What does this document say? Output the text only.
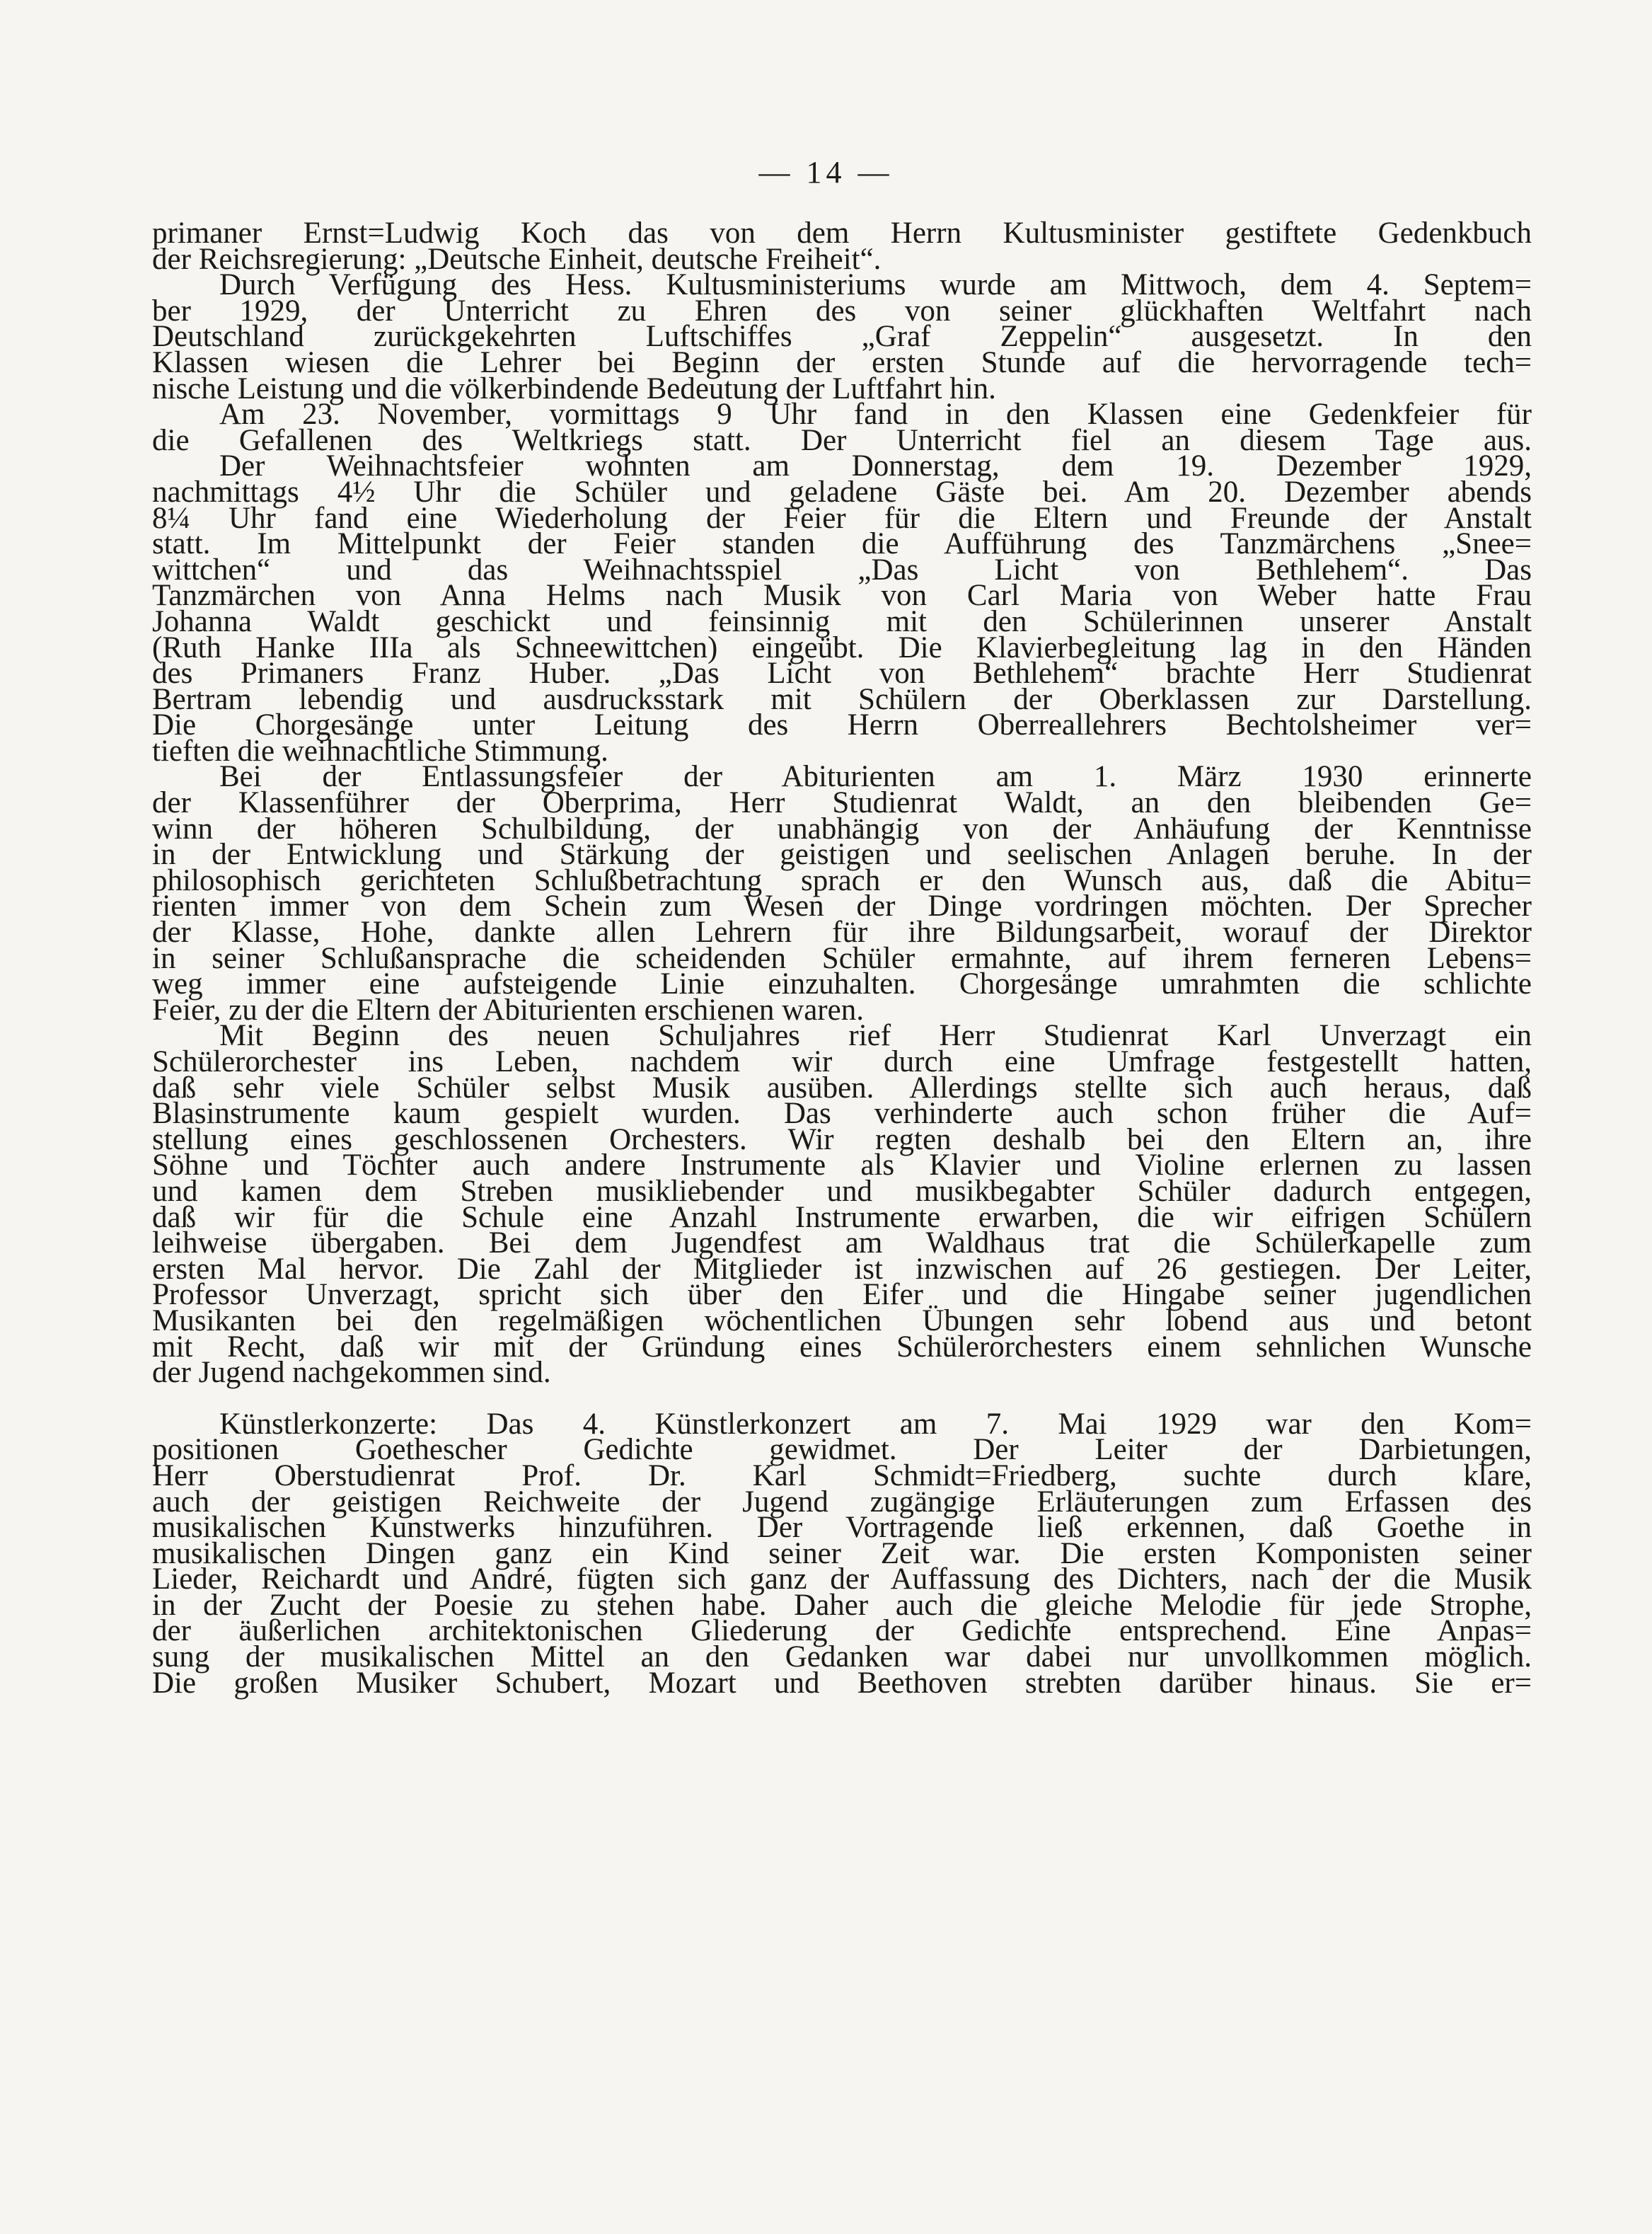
— 14 —
primaner Ernst=Ludwig Koch das von dem Herrn Kultusminister gestiftete Gedenkbuch
der Reichsregierung: „Deutsche Einheit, deutsche Freiheit“.
Durch Verfügung des Hess. Kultusministeriums wurde am Mittwoch, dem 4. Septem=
ber 1929, der Unterricht zu Ehren des von seiner glückhaften Weltfahrt nach
Deutschland zurückgekehrten Luftschiffes „Graf Zeppelin“ ausgesetzt. In den
Klassen wiesen die Lehrer bei Beginn der ersten Stunde auf die hervorragende tech=
nische Leistung und die völkerbindende Bedeutung der Luftfahrt hin.
Am 23. November, vormittags 9 Uhr fand in den Klassen eine Gedenkfeier für
die Gefallenen des Weltkriegs statt. Der Unterricht fiel an diesem Tage aus.
Der Weihnachtsfeier wohnten am Donnerstag, dem 19. Dezember 1929,
nachmittags 4½ Uhr die Schüler und geladene Gäste bei. Am 20. Dezember abends
8¼ Uhr fand eine Wiederholung der Feier für die Eltern und Freunde der Anstalt
statt. Im Mittelpunkt der Feier standen die Aufführung des Tanzmärchens „Snee=
wittchen“ und das Weihnachtsspiel „Das Licht von Bethlehem“. Das
Tanzmärchen von Anna Helms nach Musik von Carl Maria von Weber hatte Frau
Johanna Waldt geschickt und feinsinnig mit den Schülerinnen unserer Anstalt
(Ruth Hanke IIIa als Schneewittchen) eingeübt. Die Klavierbegleitung lag in den Händen
des Primaners Franz Huber. „Das Licht von Bethlehem“ brachte Herr Studienrat
Bertram lebendig und ausdrucksstark mit Schülern der Oberklassen zur Darstellung.
Die Chorgesänge unter Leitung des Herrn Oberreallehrers Bechtolsheimer ver=
tieften die weihnachtliche Stimmung.
Bei der Entlassungsfeier der Abiturienten am 1. März 1930 erinnerte
der Klassenführer der Oberprima, Herr Studienrat Waldt, an den bleibenden Ge=
winn der höheren Schulbildung, der unabhängig von der Anhäufung der Kenntnisse
in der Entwicklung und Stärkung der geistigen und seelischen Anlagen beruhe. In der
philosophisch gerichteten Schlußbetrachtung sprach er den Wunsch aus, daß die Abitu=
rienten immer von dem Schein zum Wesen der Dinge vordringen möchten. Der Sprecher
der Klasse, Hohe, dankte allen Lehrern für ihre Bildungsarbeit, worauf der Direktor
in seiner Schlußansprache die scheidenden Schüler ermahnte, auf ihrem ferneren Lebens=
weg immer eine aufsteigende Linie einzuhalten. Chorgesänge umrahmten die schlichte
Feier, zu der die Eltern der Abiturienten erschienen waren.
Mit Beginn des neuen Schuljahres rief Herr Studienrat Karl Unverzagt ein
Schülerorchester ins Leben, nachdem wir durch eine Umfrage festgestellt hatten,
daß sehr viele Schüler selbst Musik ausüben. Allerdings stellte sich auch heraus, daß
Blasinstrumente kaum gespielt wurden. Das verhinderte auch schon früher die Auf=
stellung eines geschlossenen Orchesters. Wir regten deshalb bei den Eltern an, ihre
Söhne und Töchter auch andere Instrumente als Klavier und Violine erlernen zu lassen
und kamen dem Streben musikliebender und musikbegabter Schüler dadurch entgegen,
daß wir für die Schule eine Anzahl Instrumente erwarben, die wir eifrigen Schülern
leihweise übergaben. Bei dem Jugendfest am Waldhaus trat die Schülerkapelle zum
ersten Mal hervor. Die Zahl der Mitglieder ist inzwischen auf 26 gestiegen. Der Leiter,
Professor Unverzagt, spricht sich über den Eifer und die Hingabe seiner jugendlichen
Musikanten bei den regelmäßigen wöchentlichen Übungen sehr lobend aus und betont
mit Recht, daß wir mit der Gründung eines Schülerorchesters einem sehnlichen Wunsche
der Jugend nachgekommen sind.
Künstlerkonzerte: Das 4. Künstlerkonzert am 7. Mai 1929 war den Kom=
positionen Goethescher Gedichte gewidmet. Der Leiter der Darbietungen,
Herr Oberstudienrat Prof. Dr. Karl Schmidt=Friedberg, suchte durch klare,
auch der geistigen Reichweite der Jugend zugängige Erläuterungen zum Erfassen des
musikalischen Kunstwerks hinzuführen. Der Vortragende ließ erkennen, daß Goethe in
musikalischen Dingen ganz ein Kind seiner Zeit war. Die ersten Komponisten seiner
Lieder, Reichardt und André, fügten sich ganz der Auffassung des Dichters, nach der die Musik
in der Zucht der Poesie zu stehen habe. Daher auch die gleiche Melodie für jede Strophe,
der äußerlichen architektonischen Gliederung der Gedichte entsprechend. Eine Anpas=
sung der musikalischen Mittel an den Gedanken war dabei nur unvollkommen möglich.
Die großen Musiker Schubert, Mozart und Beethoven strebten darüber hinaus. Sie er=
